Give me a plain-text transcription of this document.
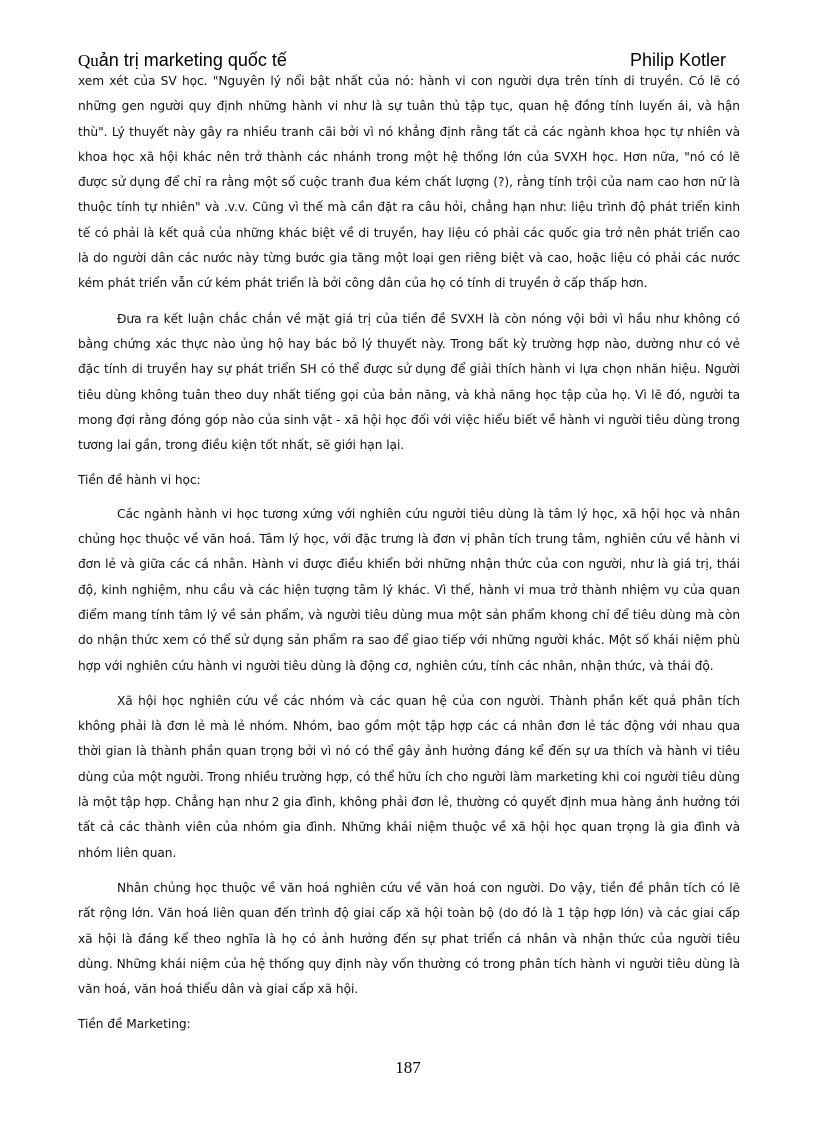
Quản trị marketing quốc tế	Philip Kotler

xem xét của SV học. "Nguyên lý nổi bật nhất của nó: hành vi con người dựa trên tính di truyền. Có lẽ có những gen người quy định những hành vi như là sự tuân thủ tập tục, quan hệ đồng tính luyến ái, và hận thù". Lý thuyết này gây ra nhiều tranh cãi bởi vì nó khẳng định rằng tất cả các ngành khoa học tự nhiên và khoa học xã hội khác nên trở thành các nhánh trong một hệ thống lớn của SVXH học. Hơn nữa, "nó có lẽ được sử dụng để chỉ ra rằng một số cuộc tranh đua kém chất lượng (?), rằng tính trội của nam cao hơn nữ là thuộc tính tự nhiên" và .v.v. Cũng vì thế mà cần đặt ra câu hỏi, chẳng hạn như: liệu trình độ phát triển kinh tế có phải là kết quả của những khác biệt về di truyền, hay liệu có phải các quốc gia trở nên phát triển cao là do người dân các nước này từng bước gia tăng một loại gen riêng biệt và cao, hoặc liệu có phải các nước kém phát triển vẫn cứ kém phát triển là bởi công dân của họ có tính di truyền ở cấp thấp hơn.

Đưa ra kết luận chắc chắn về mặt giá trị của tiền đề SVXH là còn nóng vội bởi vì hầu như không có bằng chứng xác thực nào ủng hộ hay bác bỏ lý thuyết này. Trong bất kỳ trường hợp nào, dường như có vẻ đặc tính di truyền hay sự phát triển SH có thể được sử dụng để giải thích hành vi lựa chọn nhãn hiệu. Người tiêu dùng không tuân theo duy nhất tiếng gọi của bản năng, và khả năng học tập của họ. Vì lẽ đó, người ta mong đợi rằng đóng góp nào của sinh vật - xã hội học đối với việc hiểu biết về hành vi người tiêu dùng trong tương lai gần, trong điều kiện tốt nhất, sẽ giới hạn lại.

Tiền đề hành vi học:

Các ngành hành vi học tương xứng với nghiên cứu người tiêu dùng là tâm lý học, xã hội học và nhân chủng học thuộc về văn hoá. Tâm lý học, với đặc trưng là đơn vị phân tích trung tâm, nghiên cứu về hành vi đơn lẻ và giữa các cá nhân. Hành vi được điều khiển bởi những nhận thức của con người, như là giá trị, thái độ, kinh nghiệm, nhu cầu và các hiện tượng tâm lý khác. Vì thế, hành vi mua trở thành nhiệm vụ của quan điểm mang tính tâm lý về sản phẩm, và người tiêu dùng mua một sản phẩm khong chỉ để tiêu dùng mà còn do nhận thức xem có thể sử dụng sản phẩm ra sao để giao tiếp với những người khác. Một số khái niệm phù hợp với nghiên cứu hành vi người tiêu dùng là động cơ, nghiên cứu, tính các nhân, nhận thức, và thái độ.

Xã hội học nghiên cứu về các nhóm và các quan hệ của con người. Thành phần kết quả phân tích không phải là đơn lẻ mà lẻ nhóm. Nhóm, bao gồm một tập hợp các cá nhân đơn lẻ tác động với nhau qua thời gian là thành phần quan trọng bởi vì nó có thể gây ảnh hưởng đáng kể đến sự ưa thích và hành vi tiêu dùng của một người. Trong nhiều trường hợp, có thể hữu ích cho người làm marketing khi coi người tiêu dùng là một tập hợp. Chẳng hạn như 2 gia đình, không phải đơn lẻ, thường có quyết định mua hàng ảnh hưởng tới tất cả các thành viên của nhóm gia đình. Những khái niệm thuộc về xã hội học quan trọng là gia đình và nhóm liên quan.

Nhân chủng học thuộc về văn hoá nghiên cứu về văn hoá con người. Do vậy, tiền đề phân tích có lẽ rất rộng lớn. Văn hoá liên quan đến trình độ giai cấp xã hội toàn bộ (do đó là 1 tập hợp lớn) và các giai cấp xã hội là đáng kể theo nghĩa là họ có ảnh hưởng đến sự phat triển cá nhân và nhận thức của người tiêu dùng. Những khái niệm của hệ thống quy định này vốn thường có trong phân tích hành vi người tiêu dùng là văn hoá, văn hoá thiểu dân và giai cấp xã hội.

Tiền đề Marketing:

187
